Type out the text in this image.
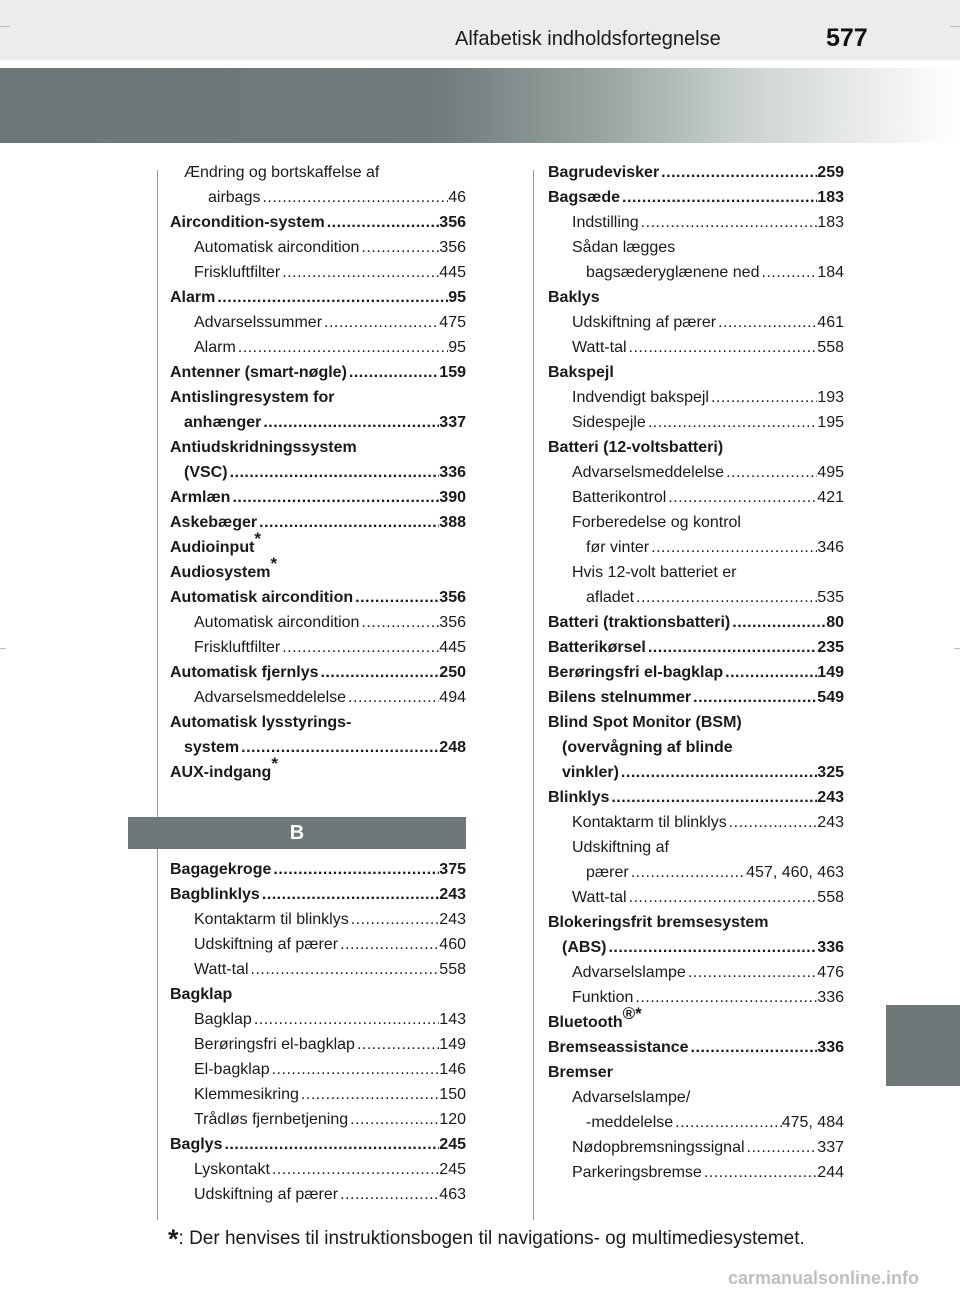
Alfabetisk indholdsfortegnelse	577
Ændring og bortskaffelse af
airbags .....	46
Aircondition-system .....	356
Automatisk aircondition .....	356
Friskluftfilter .....	445
Alarm .....	95
Advarselssummer .....	475
Alarm .....	95
Antenner (smart-nøgle) .....	159
Antislingresystem for
anhænger .....	337
Antiudskridningssystem
(VSC) .....	336
Armlæn .....	390
Askebæger .....	388
Audioinput*
Audiosystem*
Automatisk aircondition .....	356
Automatisk aircondition .....	356
Friskluftfilter .....	445
Automatisk fjernlys .....	250
Advarselsmeddelelse .....	494
Automatisk lysstyrings-
system .....	248
AUX-indgang*
B
Bagagekroge .....	375
Bagblinklys .....	243
Kontaktarm til blinklys .....	243
Udskiftning af pærer .....	460
Watt-tal .....	558
Bagklap
Bagklap .....	143
Berøringsfri el-bagklap .....	149
El-bagklap .....	146
Klemmesikring .....	150
Trådløs fjernbetjening .....	120
Baglys .....	245
Lyskontakt .....	245
Udskiftning af pærer .....	463
Bagrudevisker .....	259
Bagsæde .....	183
Indstilling .....	183
Sådan lægges
bagsæderyglænene ned .....	184
Baklys
Udskiftning af pærer .....	461
Watt-tal .....	558
Bakspejl
Indvendigt bakspejl .....	193
Sidespejle .....	195
Batteri (12-voltsbatteri)
Advarselsmeddelelse .....	495
Batterikontrol .....	421
Forberedelse og kontrol
før vinter .....	346
Hvis 12-volt batteriet er
afladet .....	535
Batteri (traktionsbatteri) .....	80
Batterikørsel .....	235
Berøringsfri el-bagklap .....	149
Bilens stelnummer .....	549
Blind Spot Monitor (BSM)
(overvågning af blinde
vinkler) .....	325
Blinklys .....	243
Kontaktarm til blinklys .....	243
Udskiftning af
pærer .....	457, 460, 463
Watt-tal .....	558
Blokeringsfrit bremsesystem
(ABS) .....	336
Advarselslampe .....	476
Funktion .....	336
Bluetooth®*
Bremseassistance .....	336
Bremser
Advarselslampe/
-meddelelse .....	475, 484
Nødopbremsningssignal .....	337
Parkeringsbremse .....	244
*: Der henvises til instruktionsbogen til navigations- og multimediesystemet.
carmanualsonline.info
